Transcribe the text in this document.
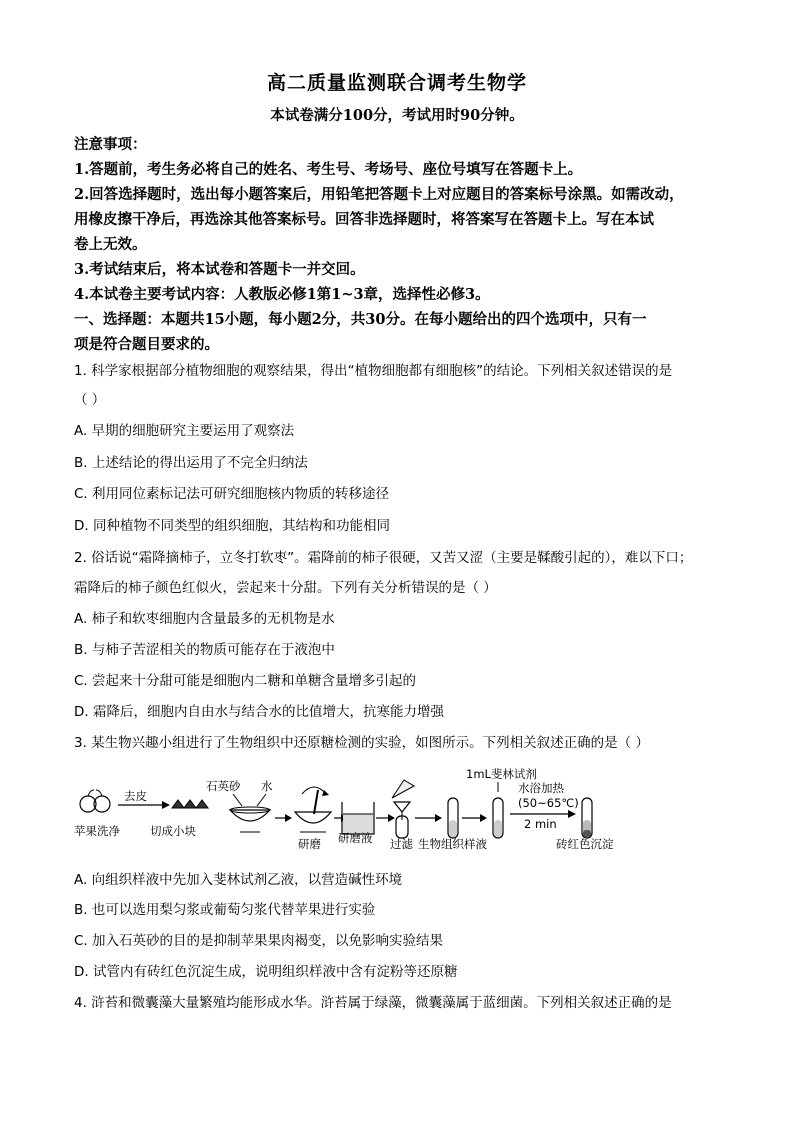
高二质量监测联合调考生物学
本试卷满分100分，考试用时90分钟。
注意事项：
1.答题前，考生务必将自己的姓名、考生号、考场号、座位号填写在答题卡上。
2.回答选择题时，选出每小题答案后，用铅笔把答题卡上对应题目的答案标号涂黑。如需改动，
用橡皮擦干净后，再选涂其他答案标号。回答非选择题时，将答案写在答题卡上。写在本试
卷上无效。
3.考试结束后，将本试卷和答题卡一并交回。
4.本试卷主要考试内容：人教版必修1第1~3章，选择性必修3。
一、选择题：本题共15小题，每小题2分，共30分。在每小题给出的四个选项中，只有一
项是符合题目要求的。
1. 科学家根据部分植物细胞的观察结果，得出“植物细胞都有细胞核”的结论。下列相关叙述错误的是
（ ）
A. 早期的细胞研究主要运用了观察法
B. 上述结论的得出运用了不完全归纳法
C. 利用同位素标记法可研究细胞核内物质的转移途径
D. 同种植物不同类型的组织细胞，其结构和功能相同
2. 俗话说“霜降摘柿子，立冬打软枣”。霜降前的柿子很硬，又苦又涩（主要是鞣酸引起的），难以下口；
霜降后的柿子颜色红似火，尝起来十分甜。下列有关分析错误的是（ ）
A. 柿子和软枣细胞内含量最多的无机物是水
B. 与柿子苦涩相关的物质可能存在于液泡中
C. 尝起来十分甜可能是细胞内二糖和单糖含量增多引起的
D. 霜降后，细胞内自由水与结合水的比值增大，抗寒能力增强
3. 某生物兴趣小组进行了生物组织中还原糖检测的实验，如图所示。下列相关叙述正确的是（ ）
苹果洗净
去皮
切成小块
石英砂 水
研磨 研磨液 过滤 生物组织样液
1mL斐林试剂
水浴加热
(50~65℃)
2 min
砖红色沉淀
A. 向组织样液中先加入斐林试剂乙液，以营造碱性环境
B. 也可以选用梨匀浆或葡萄匀浆代替苹果进行实验
C. 加入石英砂的目的是抑制苹果果肉褐变，以免影响实验结果
D. 试管内有砖红色沉淀生成，说明组织样液中含有淀粉等还原糖
4. 浒苔和微囊藻大量繁殖均能形成水华。浒苔属于绿藻，微囊藻属于蓝细菌。下列相关叙述正确的是
